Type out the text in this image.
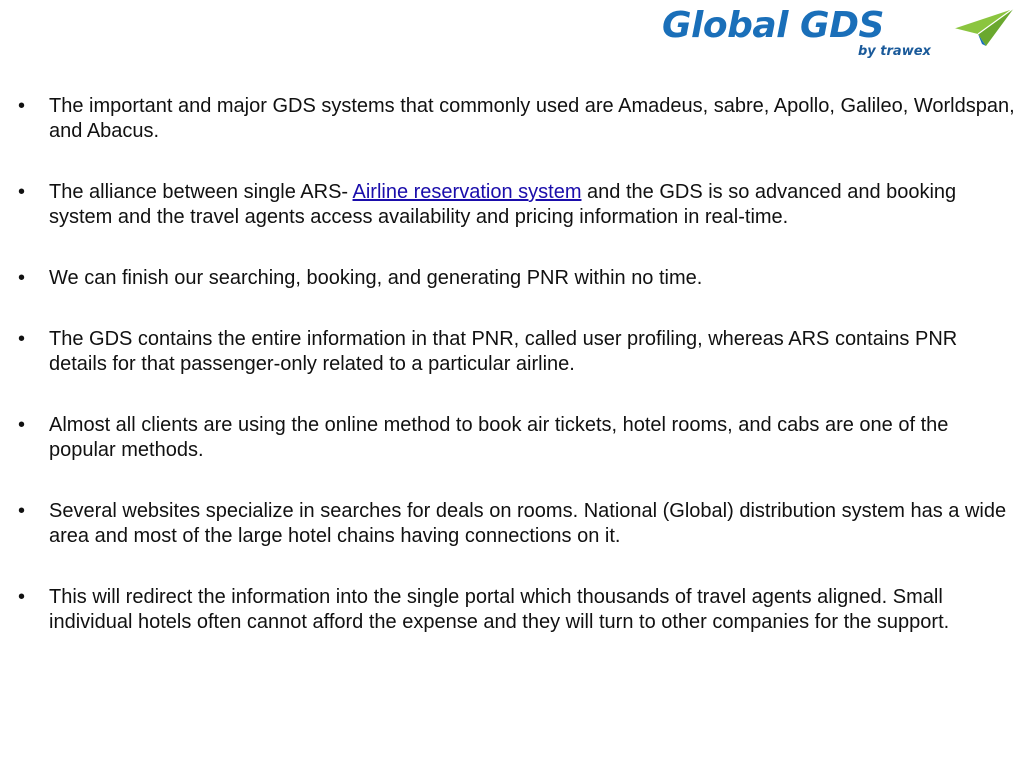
Global GDS
by trawex
• The important and major GDS systems that commonly used are Amadeus, sabre, Apollo, Galileo, Worldspan, and Abacus.
• The alliance between single ARS- Airline reservation system and the GDS is so advanced and booking system and the travel agents access availability and pricing information in real-time.
• We can finish our searching, booking, and generating PNR within no time.
• The GDS contains the entire information in that PNR, called user profiling, whereas ARS contains PNR details for that passenger-only related to a particular airline.
• Almost all clients are using the online method to book air tickets, hotel rooms, and cabs are one of the popular methods.
• Several websites specialize in searches for deals on rooms. National (Global) distribution system has a wide area and most of the large hotel chains having connections on it.
• This will redirect the information into the single portal which thousands of travel agents aligned. Small individual hotels often cannot afford the expense and they will turn to other companies for the support.
